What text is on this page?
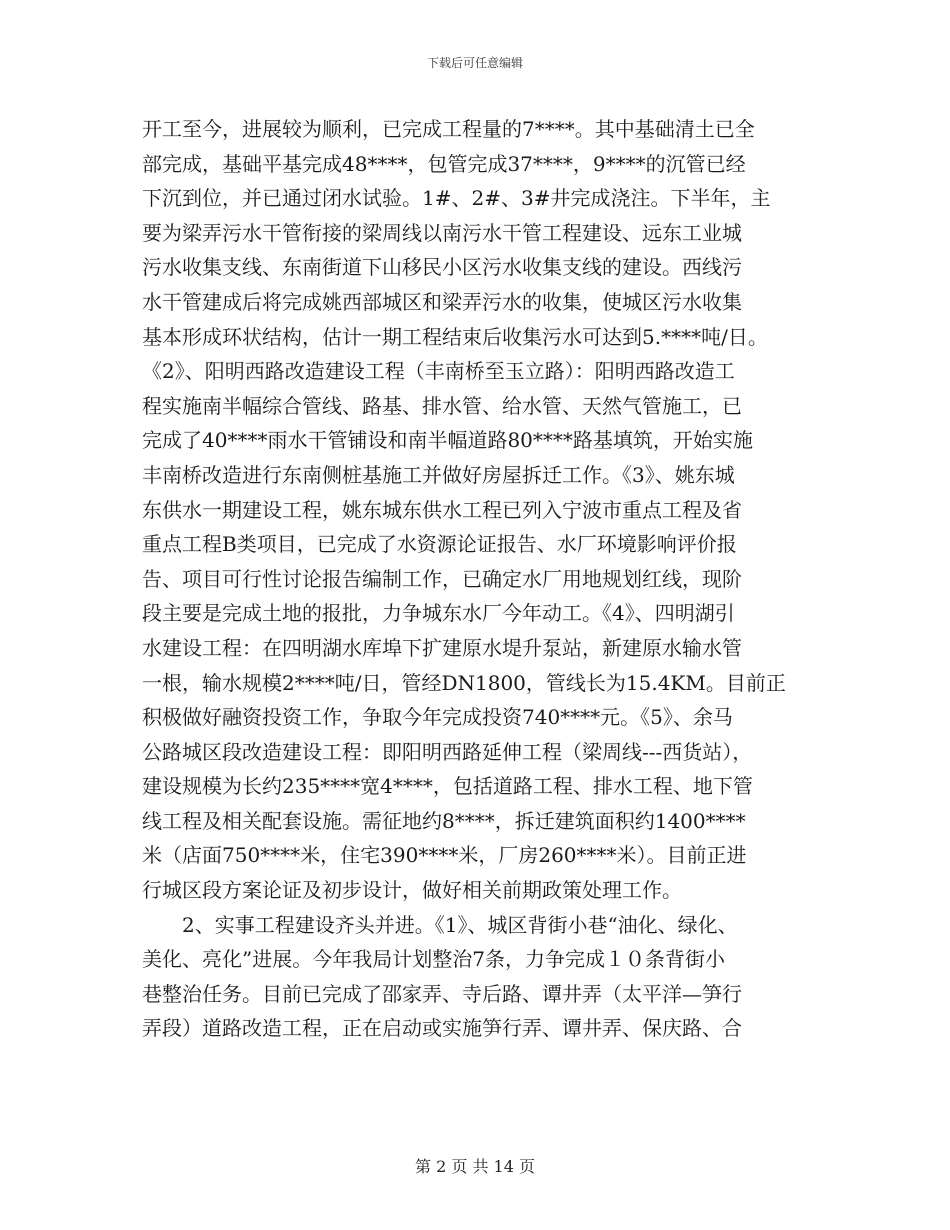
下载后可任意编辑
开工至今，进展较为顺利，已完成工程量的7****。其中基础清土已全
部完成，基础平基完成48****，包管完成37****，9****的沉管已经
下沉到位，并已通过闭水试验。1#、2#、3#井完成浇注。下半年，主
要为梁弄污水干管衔接的梁周线以南污水干管工程建设、远东工业城
污水收集支线、东南街道下山移民小区污水收集支线的建设。西线污
水干管建成后将完成姚西部城区和梁弄污水的收集，使城区污水收集
基本形成环状结构，估计一期工程结束后收集污水可达到5.****吨/日。
《2》、阳明西路改造建设工程（丰南桥至玉立路）：阳明西路改造工
程实施南半幅综合管线、路基、排水管、给水管、天然气管施工，已
完成了40****雨水干管铺设和南半幅道路80****路基填筑，开始实施
丰南桥改造进行东南侧桩基施工并做好房屋拆迁工作。《3》、姚东城
东供水一期建设工程，姚东城东供水工程已列入宁波市重点工程及省
重点工程B类项目，已完成了水资源论证报告、水厂环境影响评价报
告、项目可行性讨论报告编制工作，已确定水厂用地规划红线，现阶
段主要是完成土地的报批，力争城东水厂今年动工。《4》、四明湖引
水建设工程：在四明湖水库埠下扩建原水堤升泵站，新建原水输水管
一根，输水规模2****吨/日，管经DN1800，管线长为15.4KM。目前正
积极做好融资投资工作，争取今年完成投资740****元。《5》、余马
公路城区段改造建设工程：即阳明西路延伸工程（梁周线---西货站），
建设规模为长约235****宽4****，包括道路工程、排水工程、地下管
线工程及相关配套设施。需征地约8****，拆迁建筑面积约1400****
米（店面750****米，住宅390****米，厂房260****米）。目前正进
行城区段方案论证及初步设计，做好相关前期政策处理工作。
2、实事工程建设齐头并进。《1》、城区背街小巷“油化、绿化、
美化、亮化”进展。今年我局计划整治7条，力争完成１０条背街小
巷整治任务。目前已完成了邵家弄、寺后路、谭井弄（太平洋—笋行
弄段）道路改造工程，正在启动或实施笋行弄、谭井弄、保庆路、合
第 2 页 共 14 页
